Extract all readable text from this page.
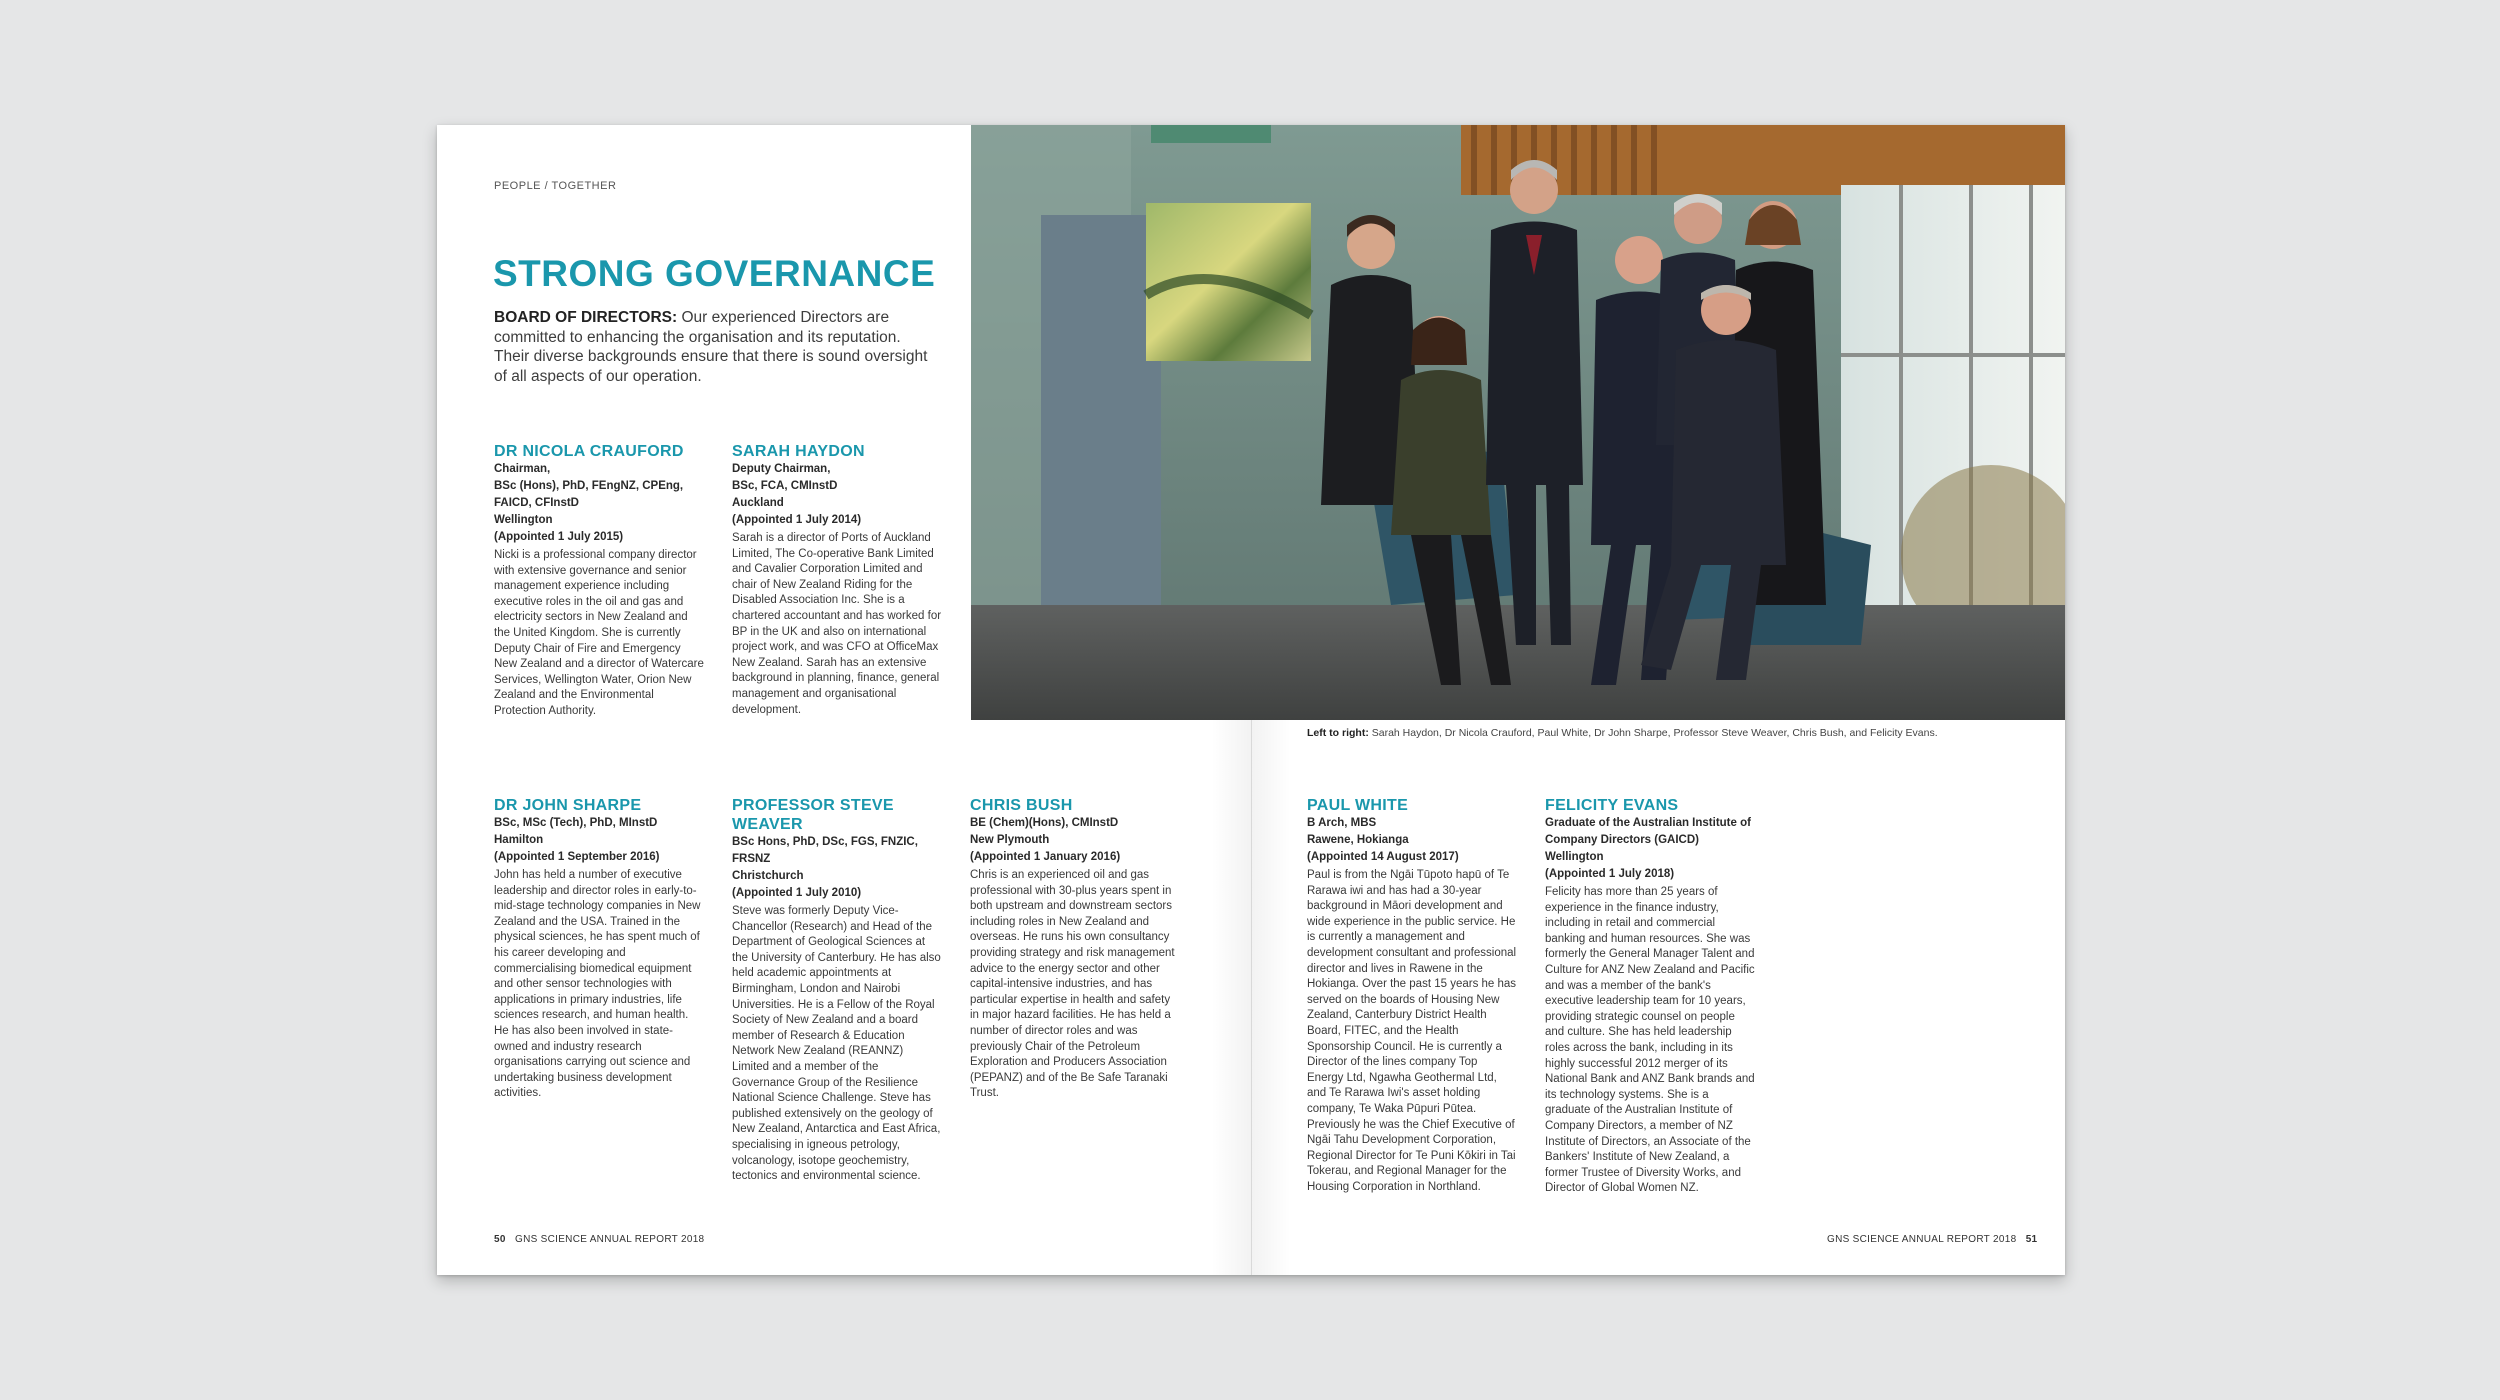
PEOPLE / TOGETHER
STRONG GOVERNANCE
BOARD OF DIRECTORS: Our experienced Directors are committed to enhancing the organisation and its reputation. Their diverse backgrounds ensure that there is sound oversight of all aspects of our operation.
DR NICOLA CRAUFORD
Chairman,
BSc (Hons), PhD, FEngNZ, CPEng, FAICD, CFInstD
Wellington
(Appointed 1 July 2015)
Nicki is a professional company director with extensive governance and senior management experience including executive roles in the oil and gas and electricity sectors in New Zealand and the United Kingdom. She is currently Deputy Chair of Fire and Emergency New Zealand and a director of Watercare Services, Wellington Water, Orion New Zealand and the Environmental Protection Authority.
SARAH HAYDON
Deputy Chairman,
BSc, FCA, CMInstD
Auckland
(Appointed 1 July 2014)
Sarah is a director of Ports of Auckland Limited, The Co-operative Bank Limited and Cavalier Corporation Limited and chair of New Zealand Riding for the Disabled Association Inc. She is a chartered accountant and has worked for BP in the UK and also on international project work, and was CFO at OfficeMax New Zealand. Sarah has an extensive background in planning, finance, general management and organisational development.
DR JOHN SHARPE
BSc, MSc (Tech), PhD, MInstD
Hamilton
(Appointed 1 September 2016)
John has held a number of executive leadership and director roles in early-to-mid-stage technology companies in New Zealand and the USA. Trained in the physical sciences, he has spent much of his career developing and commercialising biomedical equipment and other sensor technologies with applications in primary industries, life sciences research, and human health. He has also been involved in state-owned and industry research organisations carrying out science and undertaking business development activities.
PROFESSOR STEVE WEAVER
BSc Hons, PhD, DSc, FGS, FNZIC, FRSNZ
Christchurch
(Appointed 1 July 2010)
Steve was formerly Deputy Vice-Chancellor (Research) and Head of the Department of Geological Sciences at the University of Canterbury. He has also held academic appointments at Birmingham, London and Nairobi Universities. He is a Fellow of the Royal Society of New Zealand and a board member of Research & Education Network New Zealand (REANNZ) Limited and a member of the Governance Group of the Resilience National Science Challenge. Steve has published extensively on the geology of New Zealand, Antarctica and East Africa, specialising in igneous petrology, volcanology, isotope geochemistry, tectonics and environmental science.
CHRIS BUSH
BE (Chem)(Hons), CMInstD
New Plymouth
(Appointed 1 January 2016)
Chris is an experienced oil and gas professional with 30-plus years spent in both upstream and downstream sectors including roles in New Zealand and overseas. He runs his own consultancy providing strategy and risk management advice to the energy sector and other capital-intensive industries, and has particular expertise in health and safety in major hazard facilities. He has held a number of director roles and was previously Chair of the Petroleum Exploration and Producers Association (PEPANZ) and of the Be Safe Taranaki Trust.
Left to right: Sarah Haydon, Dr Nicola Crauford, Paul White, Dr John Sharpe, Professor Steve Weaver, Chris Bush, and Felicity Evans.
PAUL WHITE
B Arch, MBS
Rawene, Hokianga
(Appointed 14 August 2017)
Paul is from the Ngāi Tūpoto hapū of Te Rarawa iwi and has had a 30-year background in Māori development and wide experience in the public service. He is currently a management and development consultant and professional director and lives in Rawene in the Hokianga. Over the past 15 years he has served on the boards of Housing New Zealand, Canterbury District Health Board, FITEC, and the Health Sponsorship Council. He is currently a Director of the lines company Top Energy Ltd, Ngawha Geothermal Ltd, and Te Rarawa Iwi's asset holding company, Te Waka Pūpuri Pūtea. Previously he was the Chief Executive of Ngāi Tahu Development Corporation, Regional Director for Te Puni Kōkiri in Tai Tokerau, and Regional Manager for the Housing Corporation in Northland.
FELICITY EVANS
Graduate of the Australian Institute of Company Directors (GAICD)
Wellington
(Appointed 1 July 2018)
Felicity has more than 25 years of experience in the finance industry, including in retail and commercial banking and human resources. She was formerly the General Manager Talent and Culture for ANZ New Zealand and Pacific and was a member of the bank's executive leadership team for 10 years, providing strategic counsel on people and culture. She has held leadership roles across the bank, including in its highly successful 2012 merger of its National Bank and ANZ Bank brands and its technology systems. She is a graduate of the Australian Institute of Company Directors, a member of NZ Institute of Directors, an Associate of the Bankers' Institute of New Zealand, a former Trustee of Diversity Works, and Director of Global Women NZ.
50 GNS SCIENCE ANNUAL REPORT 2018	GNS SCIENCE ANNUAL REPORT 2018 51
